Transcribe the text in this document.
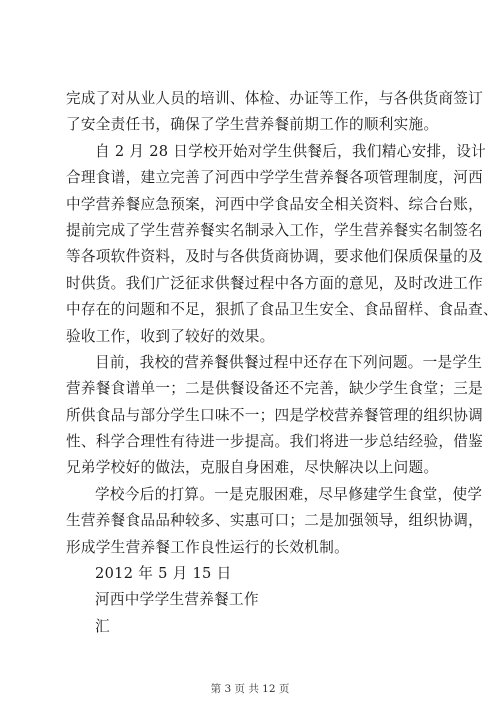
完成了对从业人员的培训、体检、办证等工作，与各供货商签订
了安全责任书，确保了学生营养餐前期工作的顺利实施。
自 2 月 28 日学校开始对学生供餐后，我们精心安排，设计
合理食谱，建立完善了河西中学学生营养餐各项管理制度，河西
中学营养餐应急预案，河西中学食品安全相关资料、综合台账，
提前完成了学生营养餐实名制录入工作，学生营养餐实名制签名
等各项软件资料，及时与各供货商协调，要求他们保质保量的及
时供货。我们广泛征求供餐过程中各方面的意见，及时改进工作
中存在的问题和不足，狠抓了食品卫生安全、食品留样、食品查、
验收工作，收到了较好的效果。
目前，我校的营养餐供餐过程中还存在下列问题。一是学生
营养餐食谱单一；二是供餐设备还不完善，缺少学生食堂；三是
所供食品与部分学生口味不一；四是学校营养餐管理的组织协调
性、科学合理性有待进一步提高。我们将进一步总结经验，借鉴
兄弟学校好的做法，克服自身困难，尽快解决以上问题。
学校今后的打算。一是克服困难，尽早修建学生食堂，使学
生营养餐食品品种较多、实惠可口；二是加强领导，组织协调，
形成学生营养餐工作良性运行的长效机制。
2012 年 5 月 15 日
河西中学学生营养餐工作
汇
第 3 页 共 12 页
